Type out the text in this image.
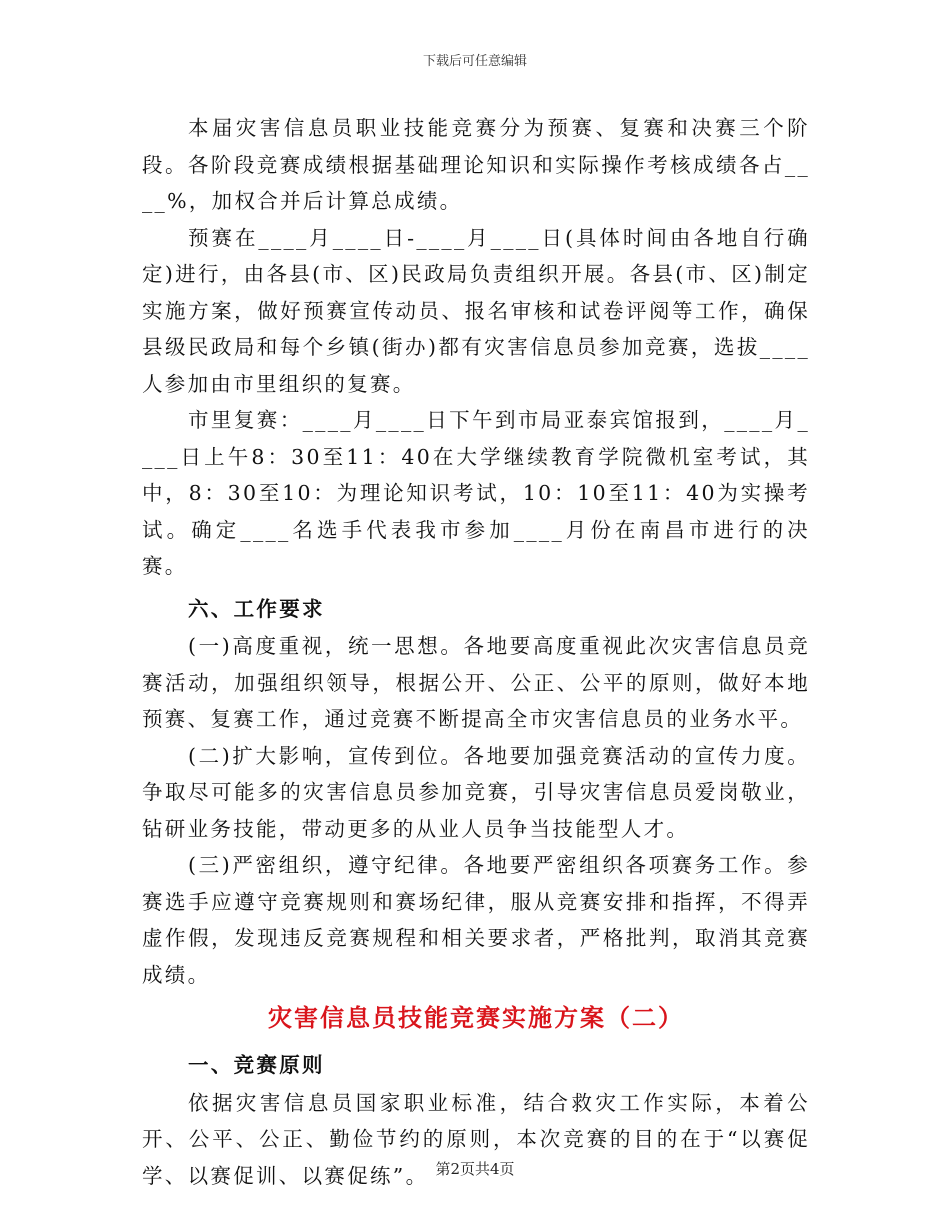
下载后可任意编辑

本届灾害信息员职业技能竞赛分为预赛、复赛和决赛三个阶段。各阶段竞赛成绩根据基础理论知识和实际操作考核成绩各占____%，加权合并后计算总成绩。

预赛在____月____日-____月____日(具体时间由各地自行确定)进行，由各县(市、区)民政局负责组织开展。各县(市、区)制定实施方案，做好预赛宣传动员、报名审核和试卷评阅等工作，确保县级民政局和每个乡镇(街办)都有灾害信息员参加竞赛，选拔____人参加由市里组织的复赛。

市里复赛：____月____日下午到市局亚泰宾馆报到，____月____日上午8：30至11：40在大学继续教育学院微机室考试，其中，8：30至10：为理论知识考试，10：10至11：40为实操考试。确定____名选手代表我市参加____月份在南昌市进行的决赛。

六、工作要求

(一)高度重视，统一思想。各地要高度重视此次灾害信息员竞赛活动，加强组织领导，根据公开、公正、公平的原则，做好本地预赛、复赛工作，通过竞赛不断提高全市灾害信息员的业务水平。

(二)扩大影响，宣传到位。各地要加强竞赛活动的宣传力度。争取尽可能多的灾害信息员参加竞赛，引导灾害信息员爱岗敬业，钻研业务技能，带动更多的从业人员争当技能型人才。

(三)严密组织，遵守纪律。各地要严密组织各项赛务工作。参赛选手应遵守竞赛规则和赛场纪律，服从竞赛安排和指挥，不得弄虚作假，发现违反竞赛规程和相关要求者，严格批判，取消其竞赛成绩。

灾害信息员技能竞赛实施方案（二）

一、竞赛原则

依据灾害信息员国家职业标准，结合救灾工作实际，本着公开、公平、公正、勤俭节约的原则，本次竞赛的目的在于“以赛促学、以赛促训、以赛促练”。 第2页共4页
